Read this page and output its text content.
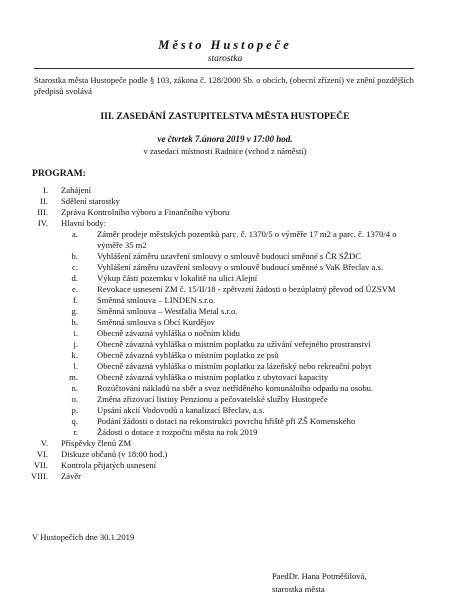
Město Hustopeče
starostka
Starostka města Hustopeče podle § 103, zákona č. 128/2000 Sb. o obcích, (obecní zřízení) ve znění pozdějších předpisů svolává
III. ZASEDÁNÍ ZASTUPITELSTVA MĚSTA HUSTOPEČE
ve čtvrtek 7.února 2019 v 17:00 hod.
v zasedací místnosti Radnice (vchod z náměstí)
PROGRAM:
I. Zahájení
II. Sdělení starostky
III. Zpráva Kontrolního výboru a Finančního výboru
IV. Hlavní body:
a. Záměr prodeje městských pozemků parc. č. 1370/5 o výměře 17 m2 a parc. č. 1370/4 o výměře 35 m2
b. Vyhlášení záměru uzavření smlouvy o smlouvě budoucí směnné s ČR SŽDC
c. Vyhlášení záměru uzavření smlouvy o smlouvě budoucí směnné s VaK Břeclav a.s.
d. Výkup části pozemku v lokalitě na ulici Alejní
e. Revokace usnesení ZM č. 15/II/18 - zpětvzetí žádosti o bezúplatný převod od ÚZSVM
f. Směnná smlouva – LINDEN s.r.o.
g. Směnná smlouva – Westfalia Metal s.r.o.
h. Směnná smlouva s Obcí Kurdějov
i. Obecně závazná vyhláška o nočním klidu
j. Obecně závazná vyhláška o místním poplatku za užívání veřejného prostranství
k. Obecně závazná vyhláška o místním poplatku ze psů
l. Obecně závazná vyhláška o místním poplatku za lázeňský nebo rekreační pobyt
m. Obecně závazná vyhláška o místním poplatku z ubytovací kapacity
n. Rozúčtování nákladů na sběr a svoz netříděného komunálního odpadu na osobu.
o. Změna zřizovací listiny Penzionu a pečovatelské služby Hustopeče
p. Upsání akcií Vodovodů a kanalizací Břeclav, a.s.
q. Podání žádosti o dotaci na rekonstrukci povrchu hřiště při ZŠ Komenského
r. Žádosti o dotace z rozpočtu města na rok 2019
V. Příspěvky členů ZM
VI. Diskuze občanů (v 18:00 hod.)
VII. Kontrola přijatých usnesení
VIII. Závěr
V Hustopečích dne 30.1.2019
PaedDr. Hana Potměšilová,
starostka města
